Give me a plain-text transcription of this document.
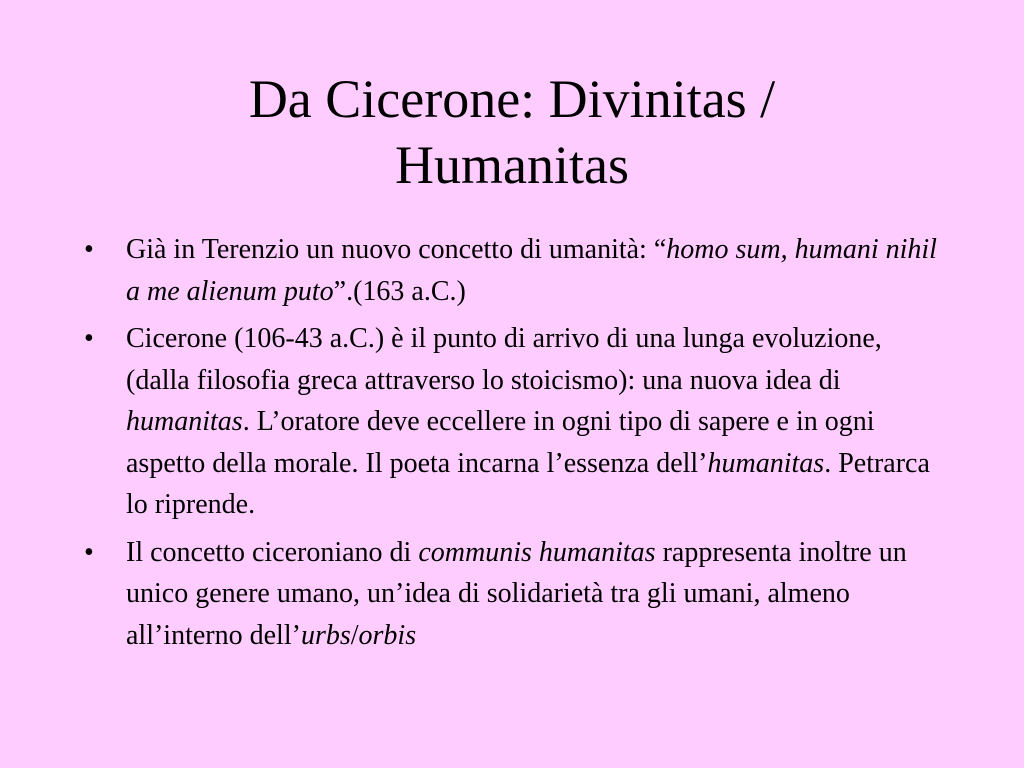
Da Cicerone: Divinitas /
Humanitas
• Già in Terenzio un nuovo concetto di umanità: “homo sum, humani nihil a me alienum puto”.(163 a.C.)
• Cicerone (106-43 a.C.) è il punto di arrivo di una lunga evoluzione, (dalla filosofia greca attraverso lo stoicismo): una nuova idea di humanitas. L’oratore deve eccellere in ogni tipo di sapere e in ogni aspetto della morale. Il poeta incarna l’essenza dell’humanitas. Petrarca lo riprende.
• Il concetto ciceroniano di communis humanitas rappresenta inoltre un unico genere umano, un’idea di solidarietà tra gli umani, almeno all’interno dell’urbs/orbis
